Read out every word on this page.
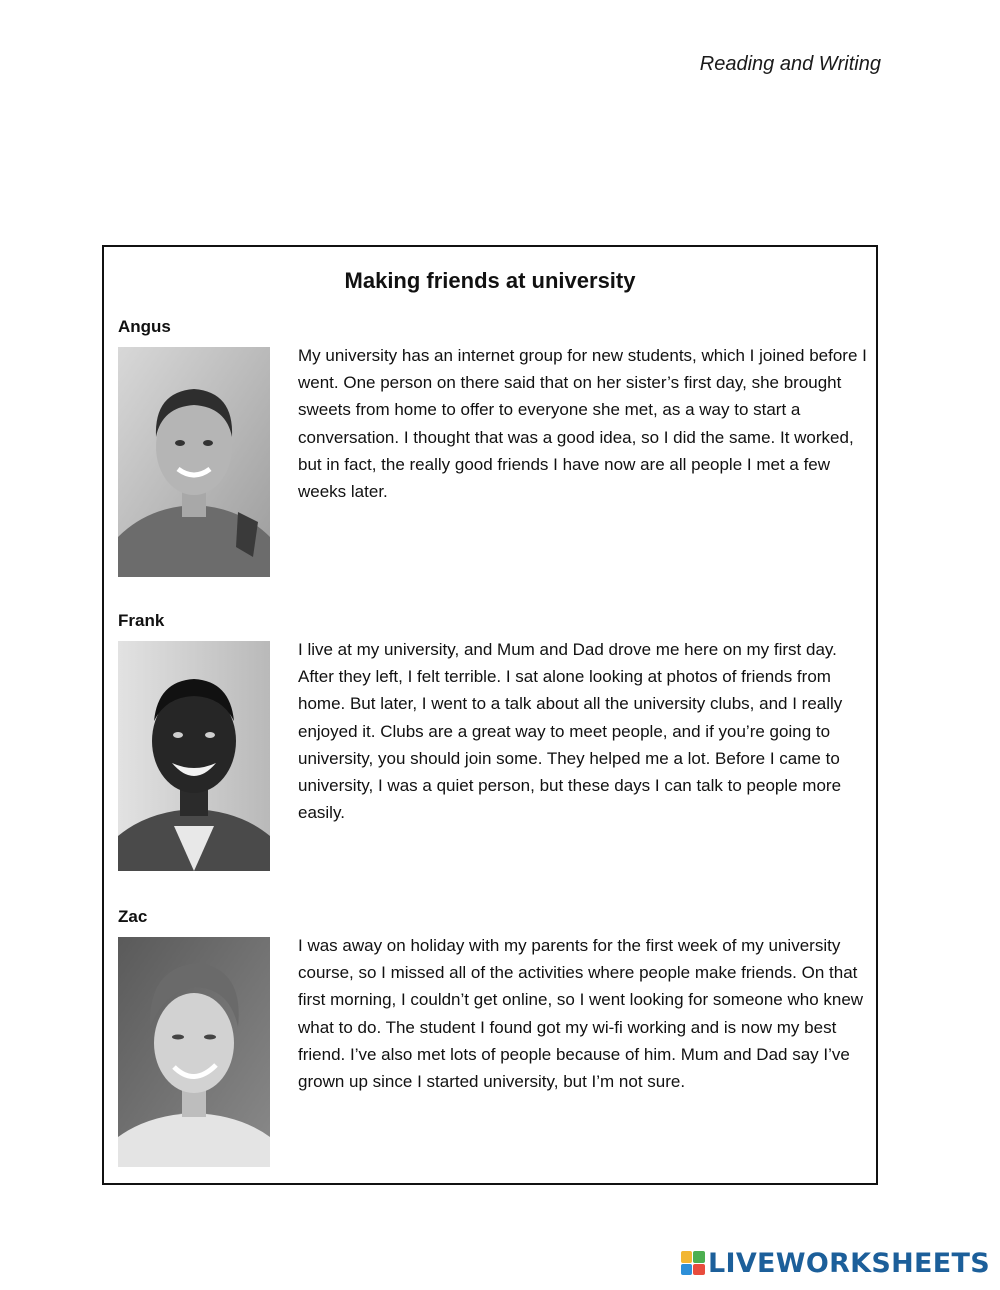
Reading and Writing
Making friends at university
Angus
My university has an internet group for new students, which I joined before I went. One person on there said that on her sister’s first day, she brought sweets from home to offer to everyone she met, as a way to start a conversation. I thought that was a good idea, so I did the same. It worked, but in fact, the really good friends I have now are all people I met a few weeks later.
Frank
I live at my university, and Mum and Dad drove me here on my first day. After they left, I felt terrible. I sat alone looking at photos of friends from home. But later, I went to a talk about all the university clubs, and I really enjoyed it. Clubs are a great way to meet people, and if you’re going to university, you should join some. They helped me a lot. Before I came to university, I was a quiet person, but these days I can talk to people more easily.
Zac
I was away on holiday with my parents for the first week of my university course, so I missed all of the activities where people make friends. On that first morning, I couldn’t get online, so I went looking for someone who knew what to do. The student I found got my wi-fi working and is now my best friend. I’ve also met lots of people because of him. Mum and Dad say I’ve grown up since I started university, but I’m not sure.
LIVEWORKSHEETS
